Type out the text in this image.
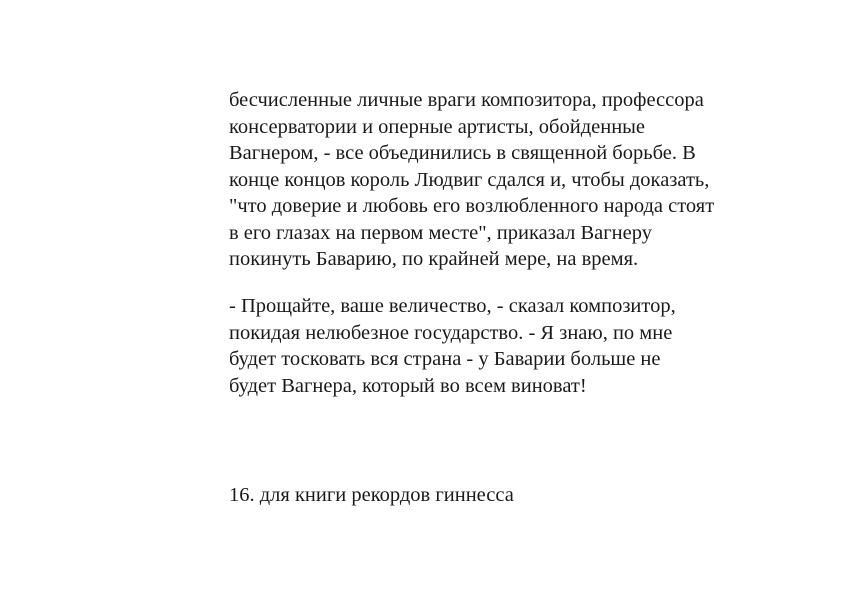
бесчисленные личные враги композитора, профессора
консерватории и оперные артисты, обойденные
Вагнером, - все объединились в священной борьбе. В
конце концов король Людвиг сдался и, чтобы доказать,
"что доверие и любовь его возлюбленного народа стоят
в его глазах на первом месте", приказал Вагнеру
покинуть Баварию, по крайней мере, на время.
- Прощайте, ваше величество, - сказал композитор,
покидая нелюбезное государство. - Я знаю, по мне
будет тосковать вся страна - у Баварии больше не
будет Вагнера, который во всем виноват!
16. для книги рекордов гиннесса
